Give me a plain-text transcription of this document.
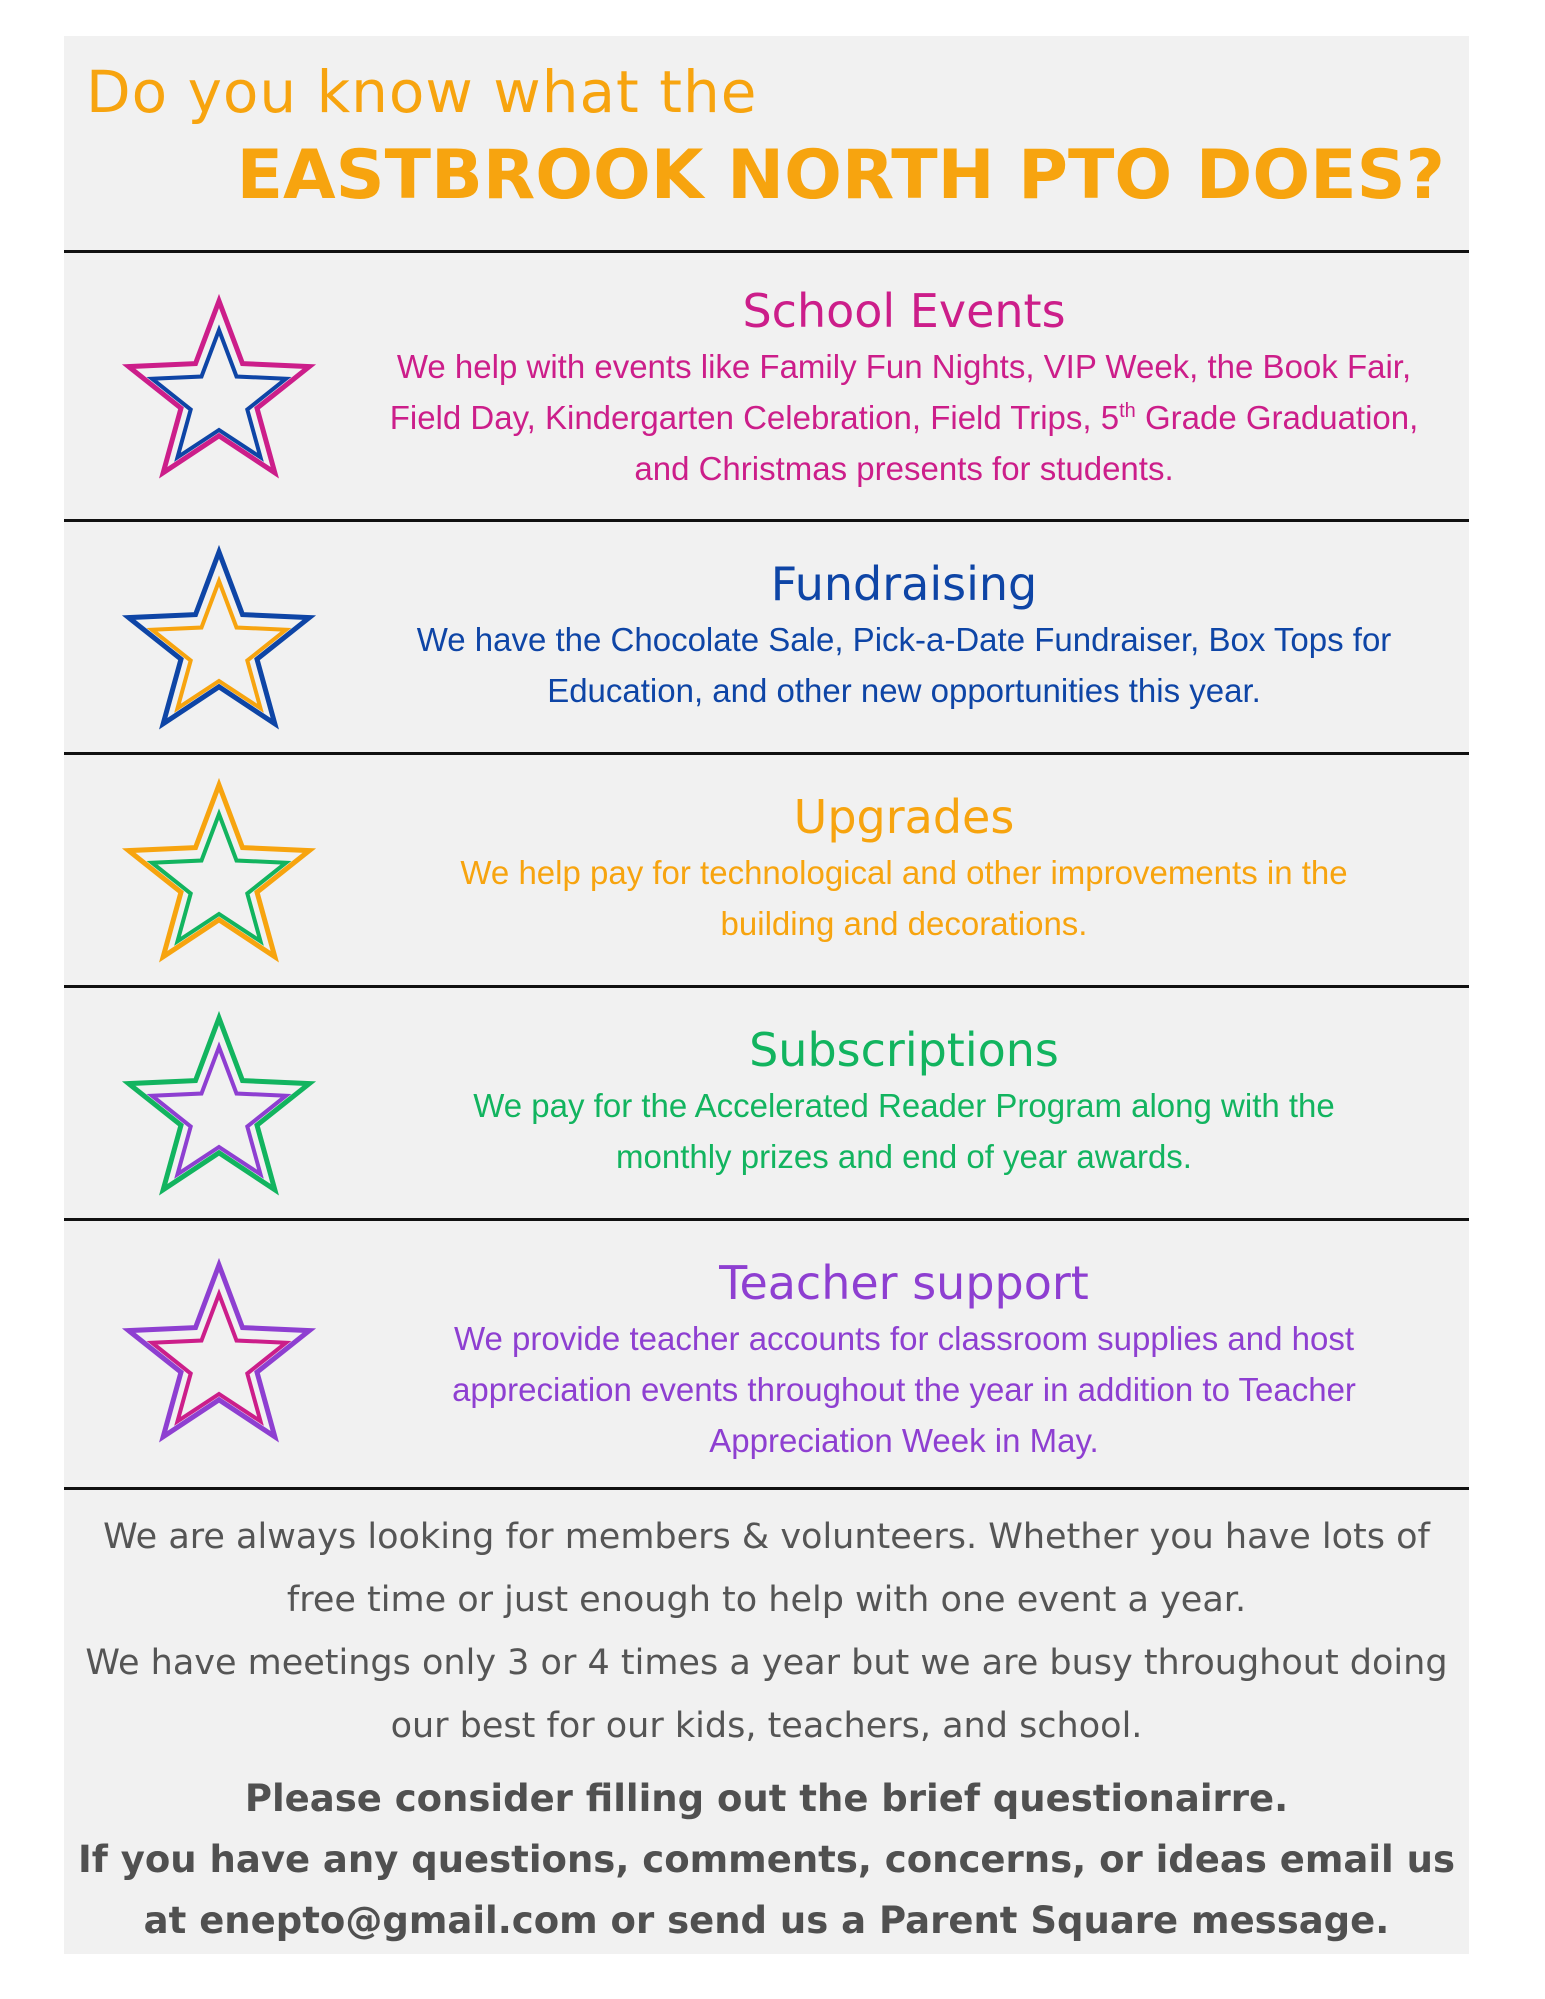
Do you know what the
EASTBROOK NORTH PTO DOES?
School Events
We help with events like Family Fun Nights, VIP Week, the Book Fair, Field Day, Kindergarten Celebration, Field Trips, 5th Grade Graduation, and Christmas presents for students.
Fundraising
We have the Chocolate Sale, Pick-a-Date Fundraiser, Box Tops for Education, and other new opportunities this year.
Upgrades
We help pay for technological and other improvements in the building and decorations.
Subscriptions
We pay for the Accelerated Reader Program along with the monthly prizes and end of year awards.
Teacher support
We provide teacher accounts for classroom supplies and host appreciation events throughout the year in addition to Teacher Appreciation Week in May.

We are always looking for members & volunteers. Whether you have lots of free time or just enough to help with one event a year.

We have meetings only 3 or 4 times a year but we are busy throughout doing our best for our kids, teachers, and school.

Please consider filling out the brief questionairre.

If you have any questions, comments, concerns, or ideas email us at enepto@gmail.com or send us a Parent Square message.
